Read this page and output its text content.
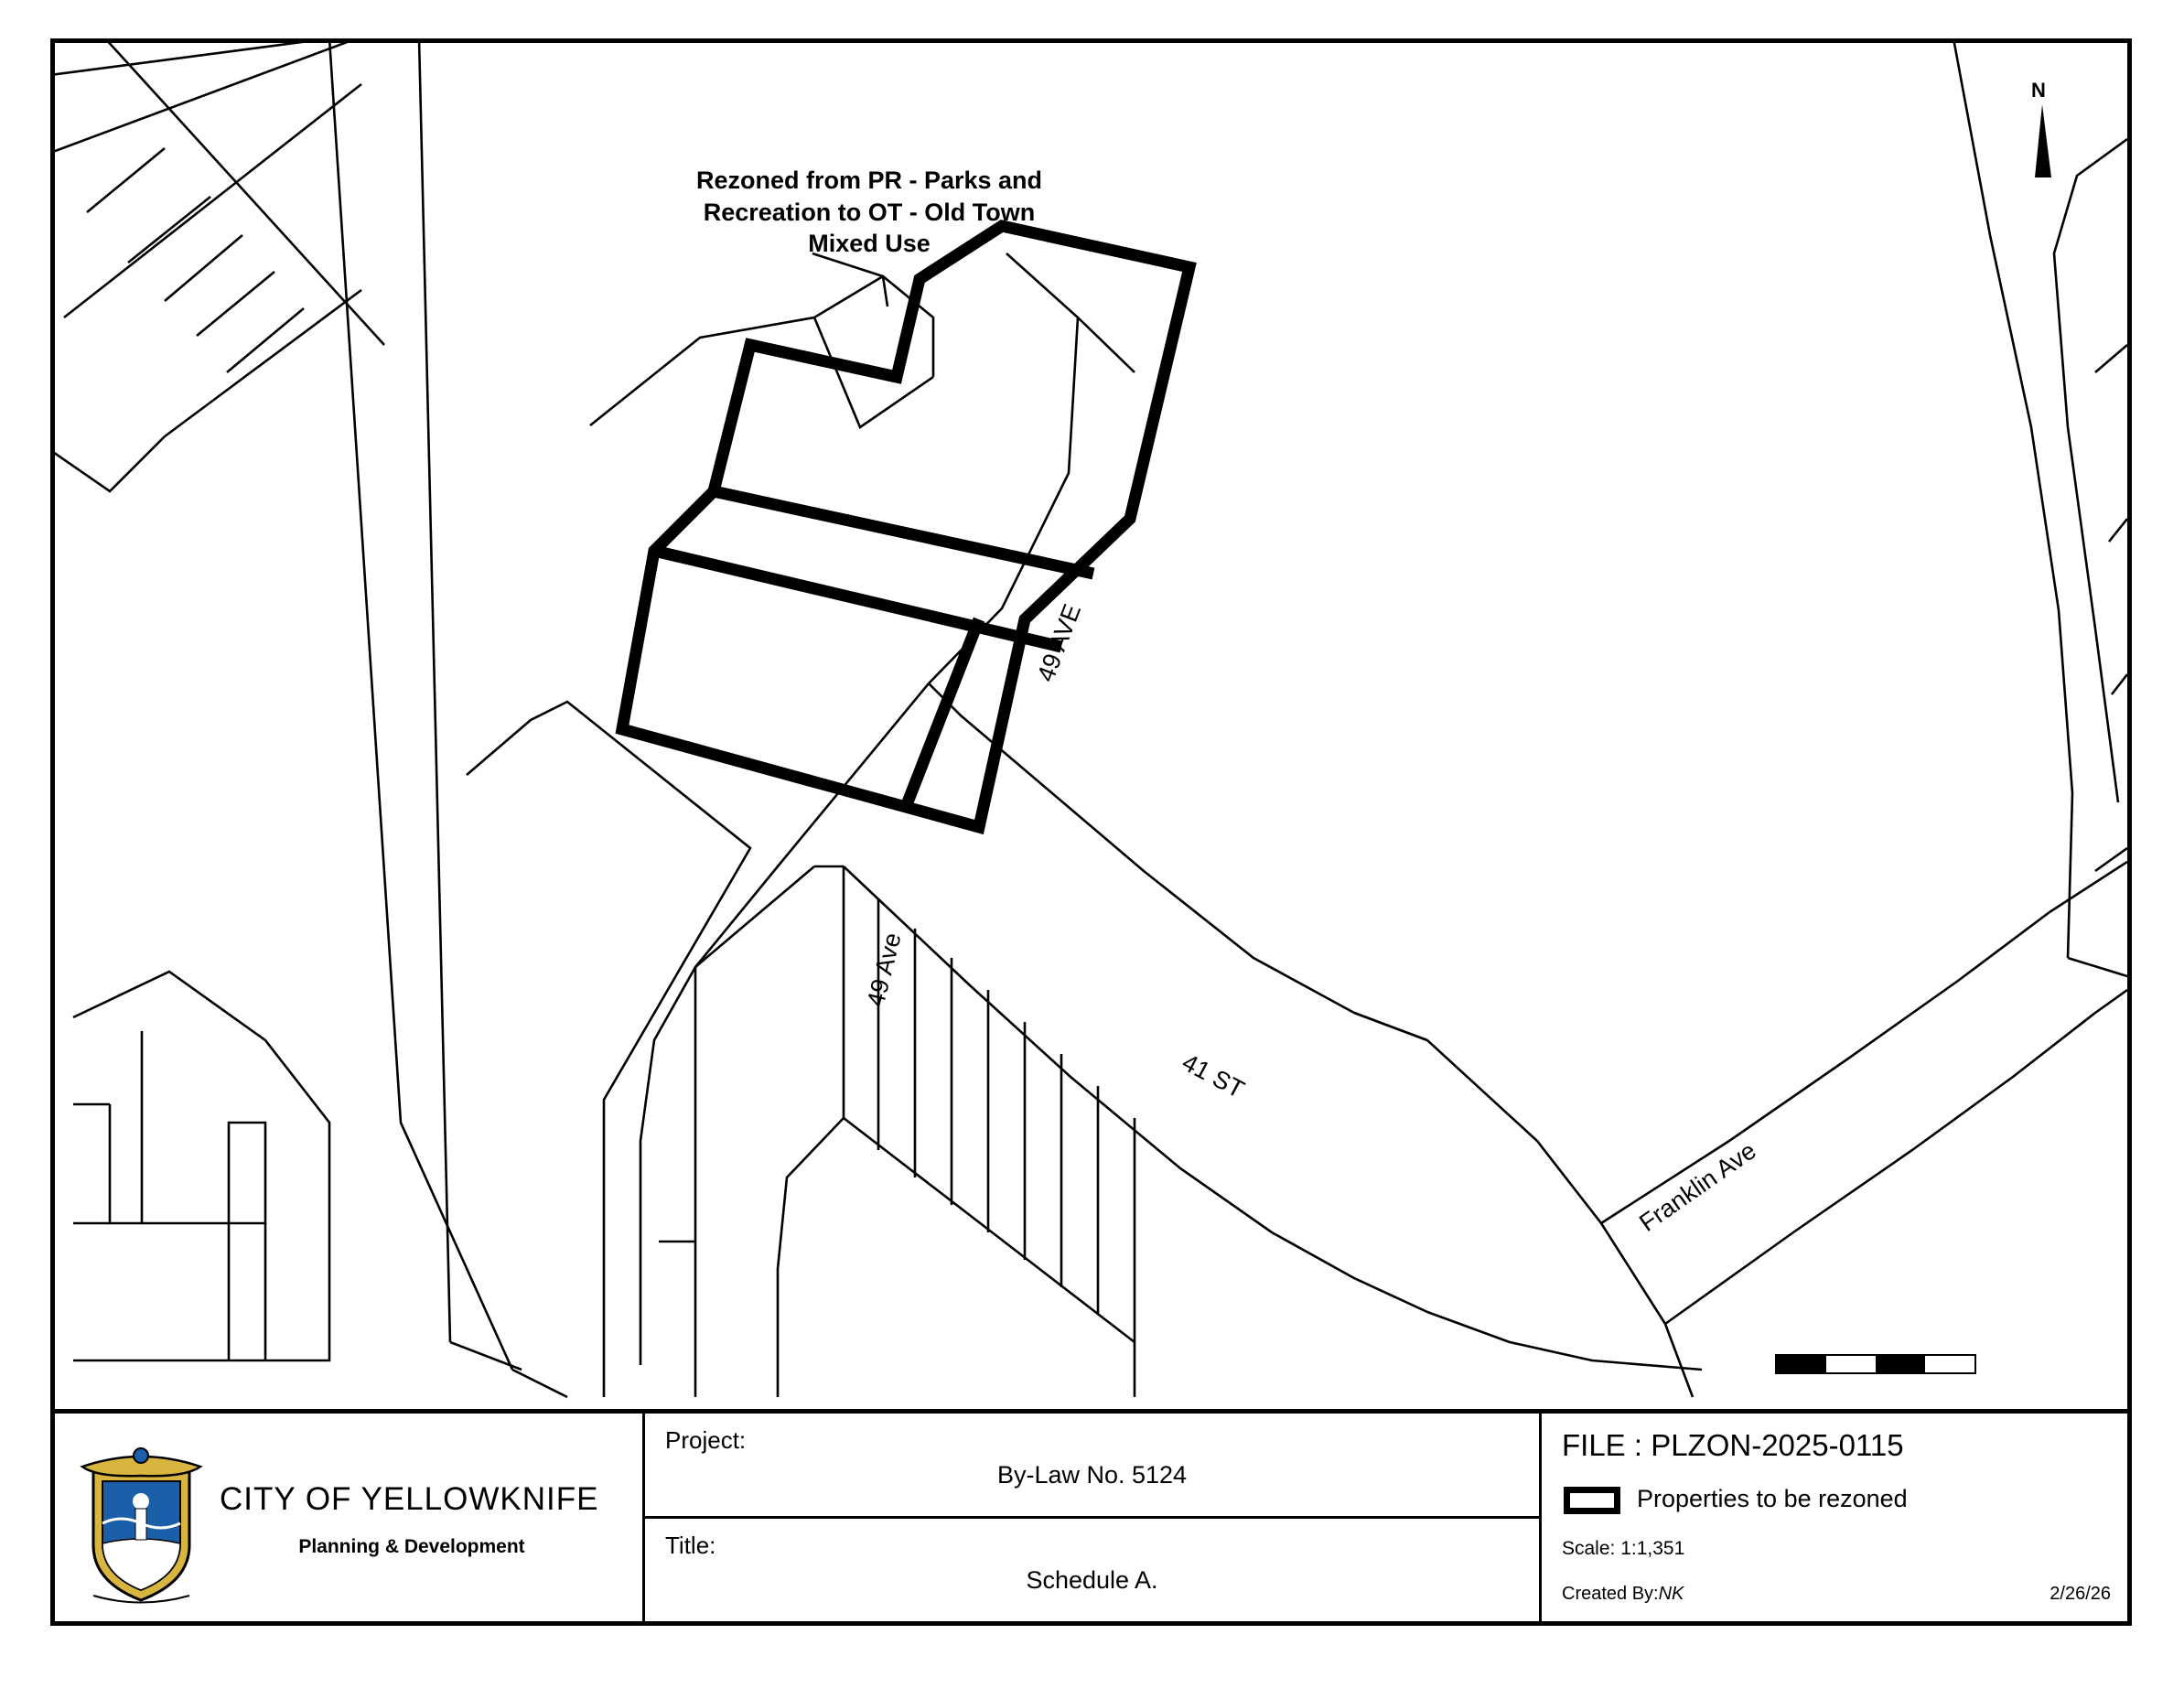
49 AVE
49 Ave
41 ST
Franklin Ave
Rezoned from PR - Parks and
Recreation to OT - Old Town
Mixed Use
N
CITY OF YELLOWKNIFE
Planning & Development
Project:
By-Law No. 5124
Title:
Schedule A.
FILE : PLZON-2025-0115
Properties to be rezoned
Scale: 1:1,351
Created By:NK	2/26/26
